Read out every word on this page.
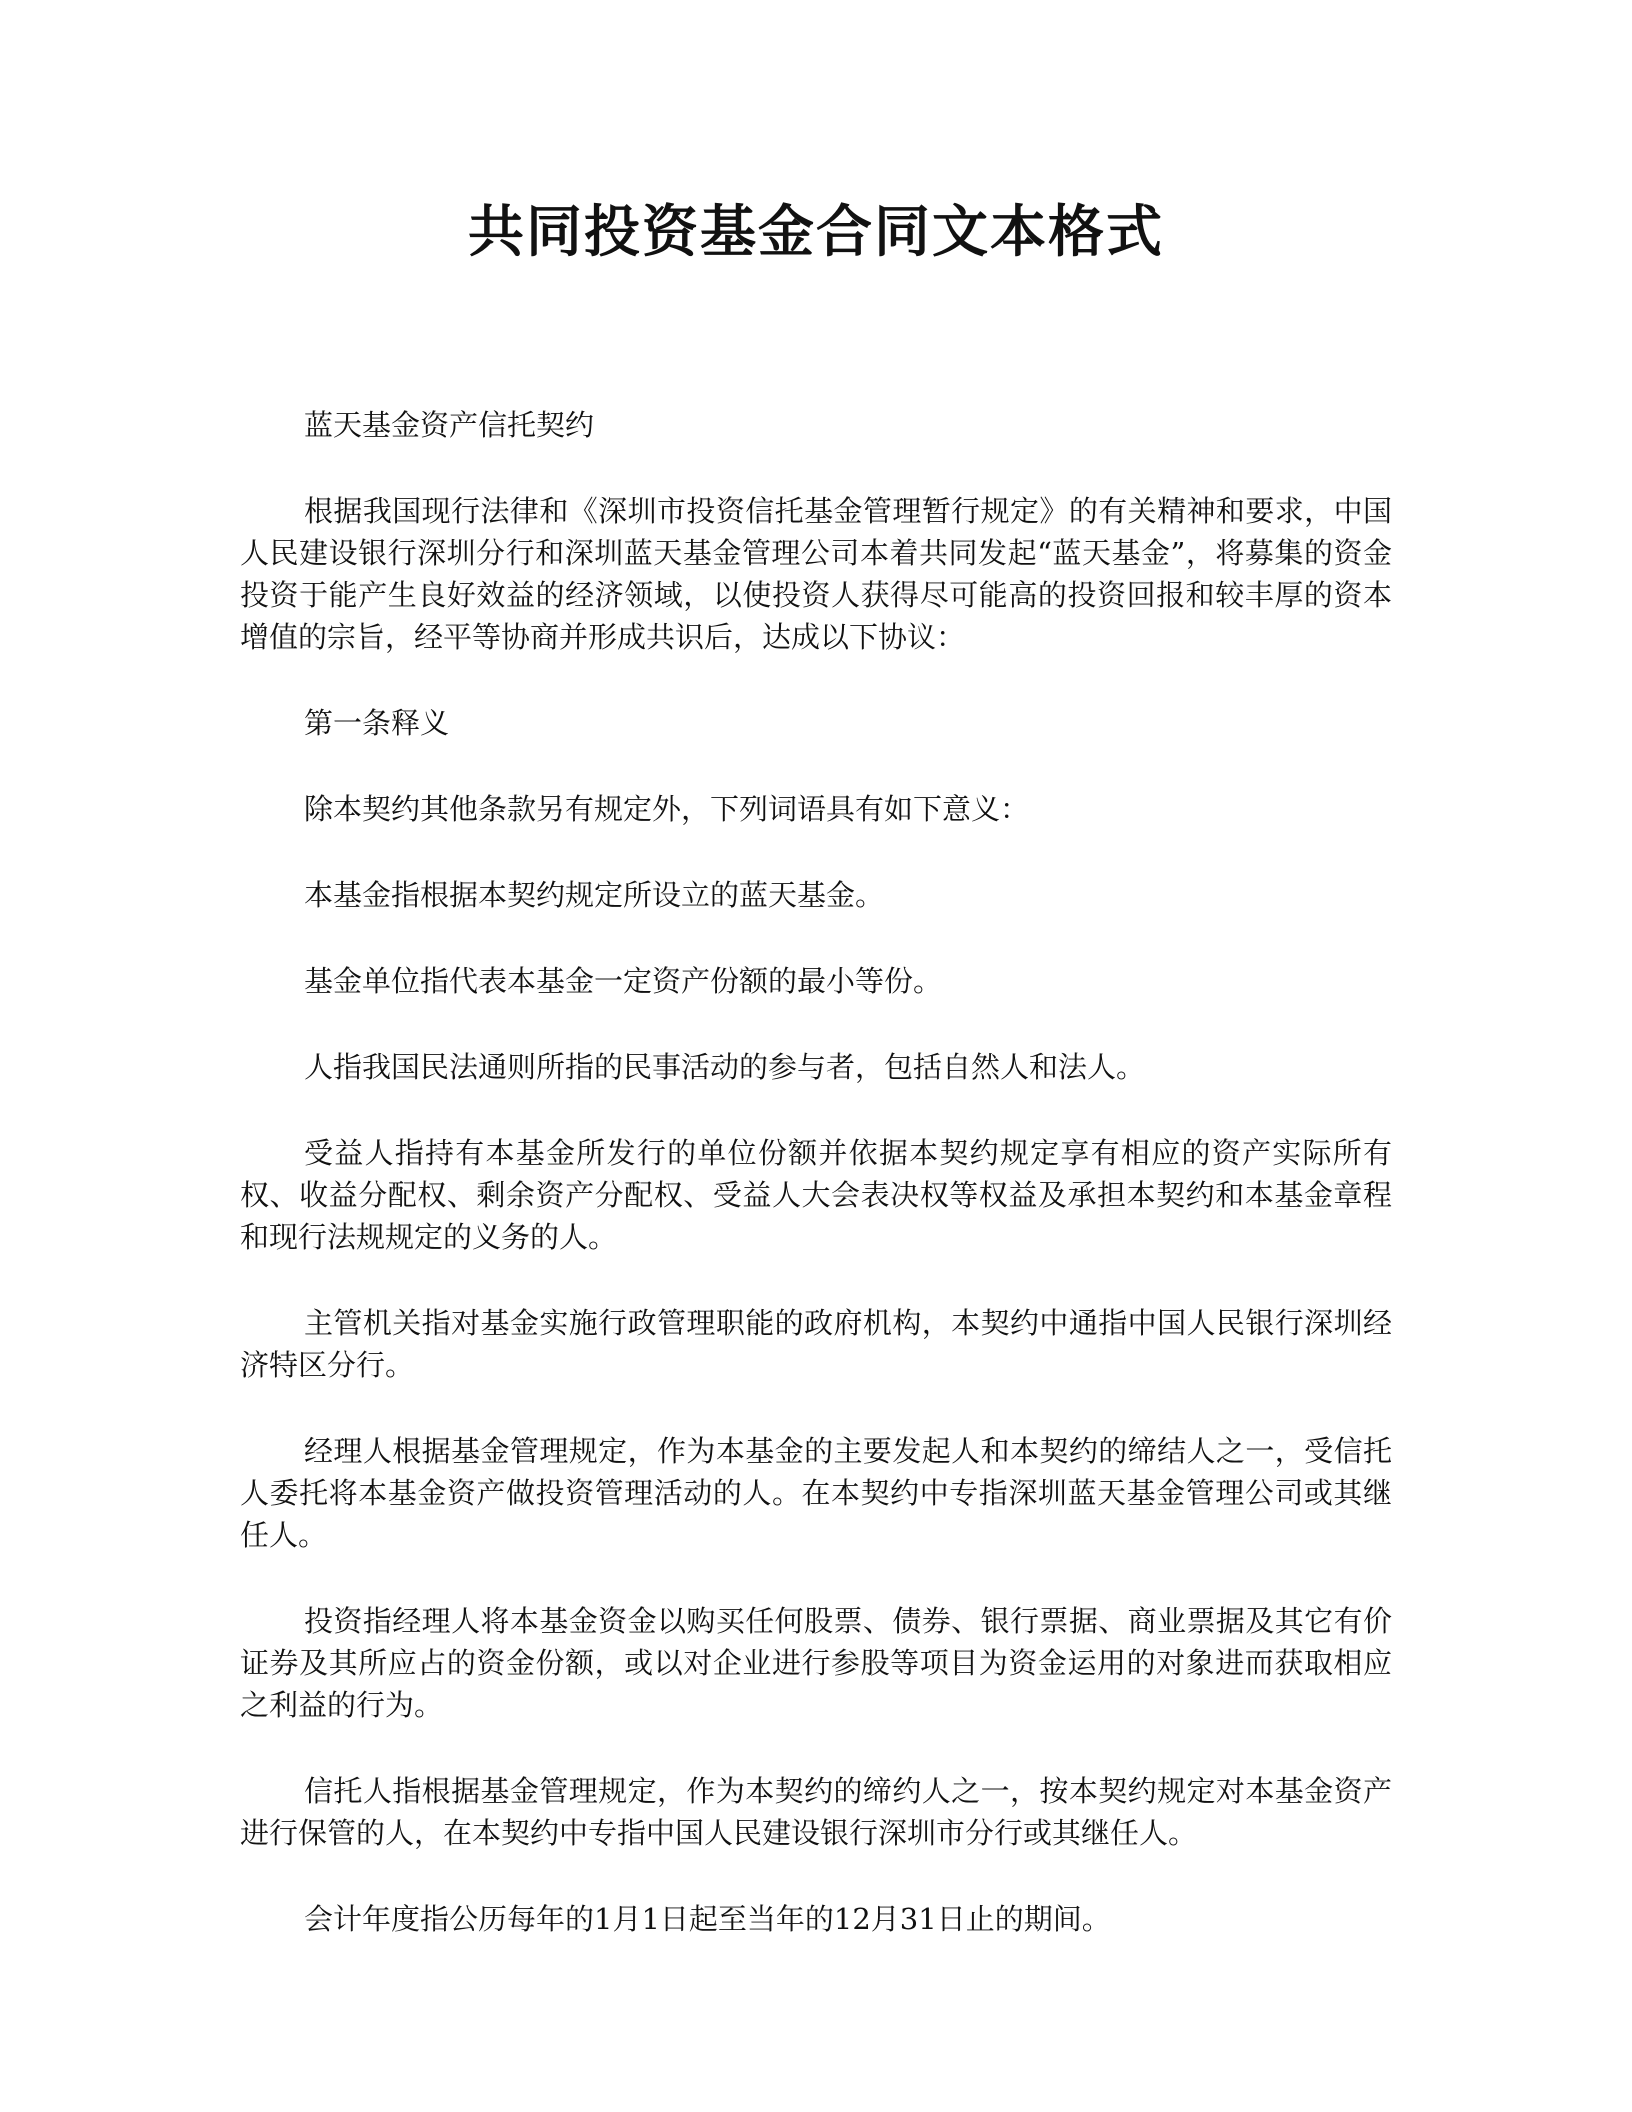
共同投资基金合同文本格式

蓝天基金资产信托契约

根据我国现行法律和《深圳市投资信托基金管理暂行规定》的有关精神和要求，中国人民建设银行深圳分行和深圳蓝天基金管理公司本着共同发起“蓝天基金”，将募集的资金投资于能产生良好效益的经济领域，以使投资人获得尽可能高的投资回报和较丰厚的资本增值的宗旨，经平等协商并形成共识后，达成以下协议：

第一条释义

除本契约其他条款另有规定外，下列词语具有如下意义：

本基金指根据本契约规定所设立的蓝天基金。

基金单位指代表本基金一定资产份额的最小等份。

人指我国民法通则所指的民事活动的参与者，包括自然人和法人。

受益人指持有本基金所发行的单位份额并依据本契约规定享有相应的资产实际所有权、收益分配权、剩余资产分配权、受益人大会表决权等权益及承担本契约和本基金章程和现行法规规定的义务的人。

主管机关指对基金实施行政管理职能的政府机构，本契约中通指中国人民银行深圳经济特区分行。

经理人根据基金管理规定，作为本基金的主要发起人和本契约的缔结人之一，受信托人委托将本基金资产做投资管理活动的人。在本契约中专指深圳蓝天基金管理公司或其继任人。

投资指经理人将本基金资金以购买任何股票、债券、银行票据、商业票据及其它有价证券及其所应占的资金份额，或以对企业进行参股等项目为资金运用的对象进而获取相应之利益的行为。

信托人指根据基金管理规定，作为本契约的缔约人之一，按本契约规定对本基金资产进行保管的人，在本契约中专指中国人民建设银行深圳市分行或其继任人。

会计年度指公历每年的1月1日起至当年的12月31日止的期间。
